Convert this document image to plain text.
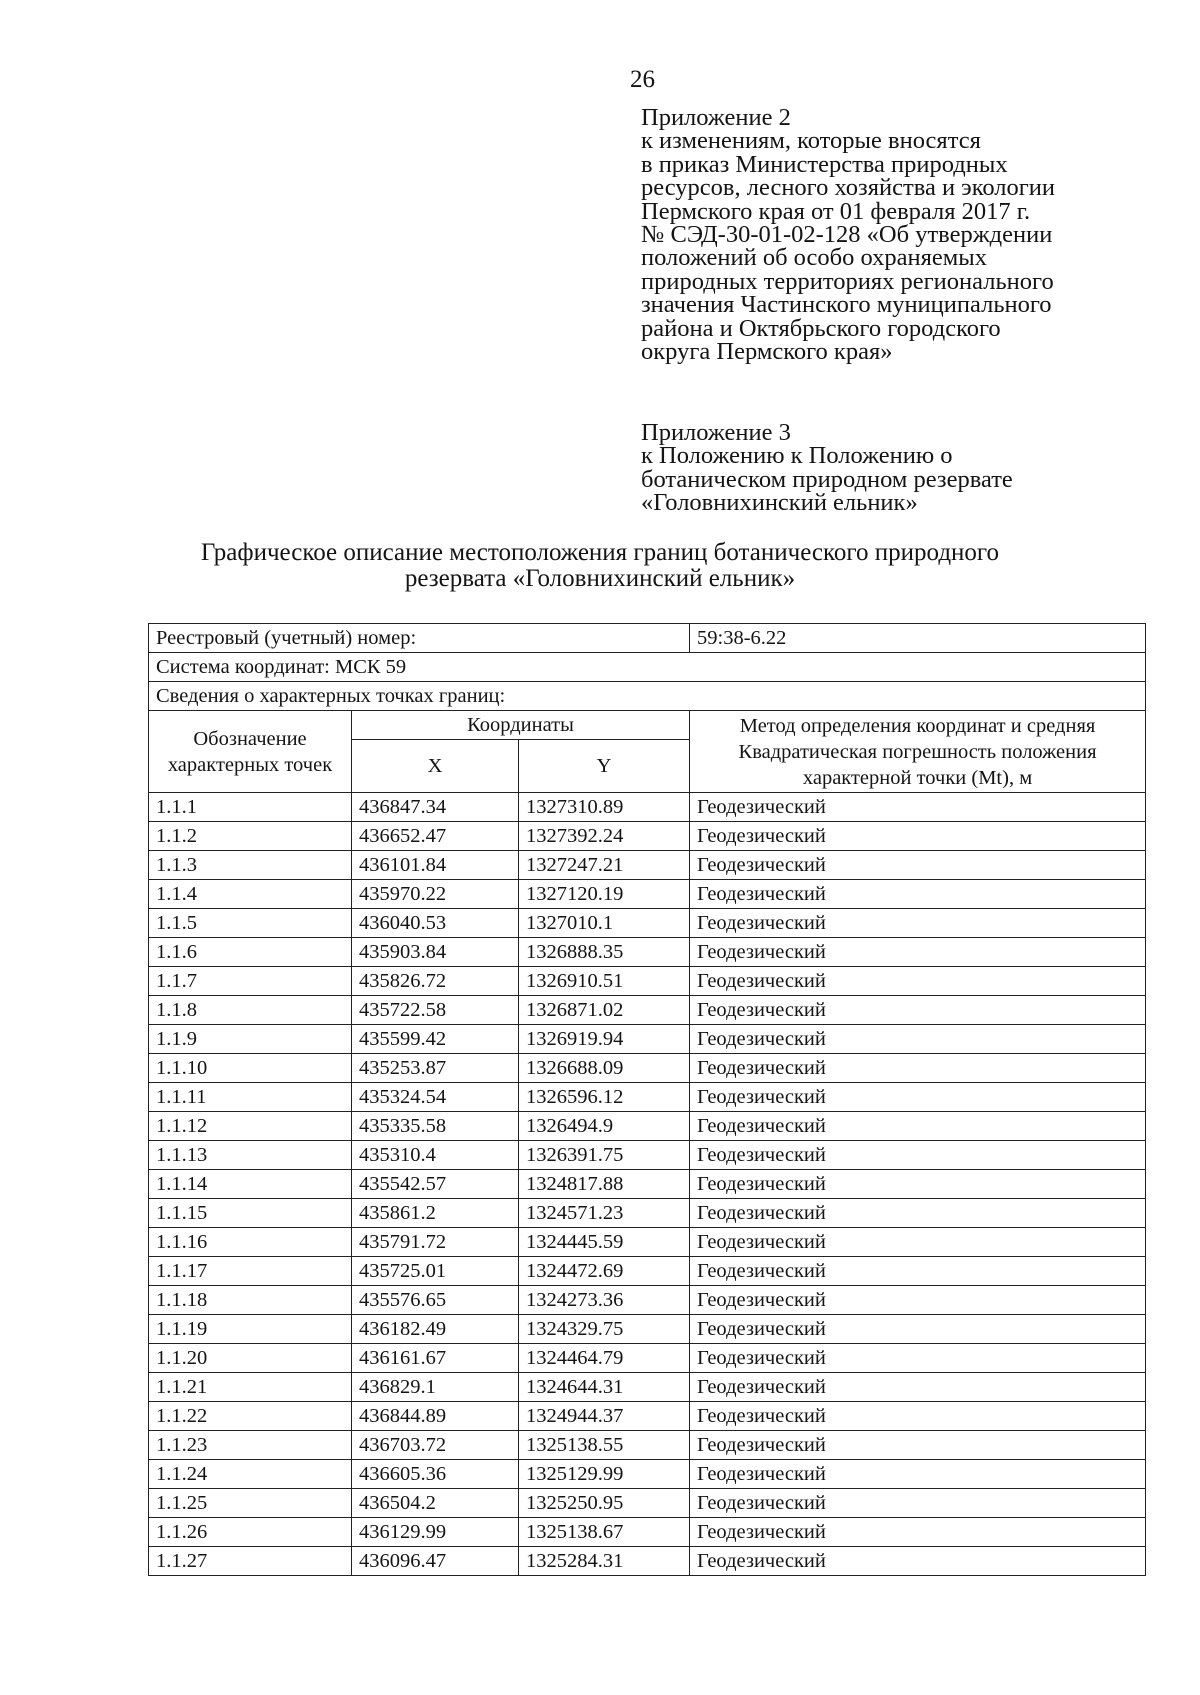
26
Приложение 2
к изменениям, которые вносятся
в приказ Министерства природных
ресурсов, лесного хозяйства и экологии
Пермского края от 01 февраля 2017 г.
№ СЭД-30-01-02-128 «Об утверждении
положений об особо охраняемых
природных территориях регионального
значения Частинского муниципального
района и Октябрьского городского
округа Пермского края»
Приложение 3
к Положению к Положению о
ботаническом природном резервате
«Головнихинский ельник»
Графическое описание местоположения границ ботанического природного
резервата «Головнихинский ельник»
Реестровый (учетный) номер:			59:38-6.22
Система координат: МСК 59			
Сведения о характерных точках границ:			
Обозначение характерных точек	Координаты		Метод определения координат и средняя Квадратическая погрешность положения характерной точки (Mt), м
	X	Y	
1.1.1	436847.34	1327310.89	Геодезический
1.1.2	436652.47	1327392.24	Геодезический
1.1.3	436101.84	1327247.21	Геодезический
1.1.4	435970.22	1327120.19	Геодезический
1.1.5	436040.53	1327010.1	Геодезический
1.1.6	435903.84	1326888.35	Геодезический
1.1.7	435826.72	1326910.51	Геодезический
1.1.8	435722.58	1326871.02	Геодезический
1.1.9	435599.42	1326919.94	Геодезический
1.1.10	435253.87	1326688.09	Геодезический
1.1.11	435324.54	1326596.12	Геодезический
1.1.12	435335.58	1326494.9	Геодезический
1.1.13	435310.4	1326391.75	Геодезический
1.1.14	435542.57	1324817.88	Геодезический
1.1.15	435861.2	1324571.23	Геодезический
1.1.16	435791.72	1324445.59	Геодезический
1.1.17	435725.01	1324472.69	Геодезический
1.1.18	435576.65	1324273.36	Геодезический
1.1.19	436182.49	1324329.75	Геодезический
1.1.20	436161.67	1324464.79	Геодезический
1.1.21	436829.1	1324644.31	Геодезический
1.1.22	436844.89	1324944.37	Геодезический
1.1.23	436703.72	1325138.55	Геодезический
1.1.24	436605.36	1325129.99	Геодезический
1.1.25	436504.2	1325250.95	Геодезический
1.1.26	436129.99	1325138.67	Геодезический
1.1.27	436096.47	1325284.31	Геодезический
